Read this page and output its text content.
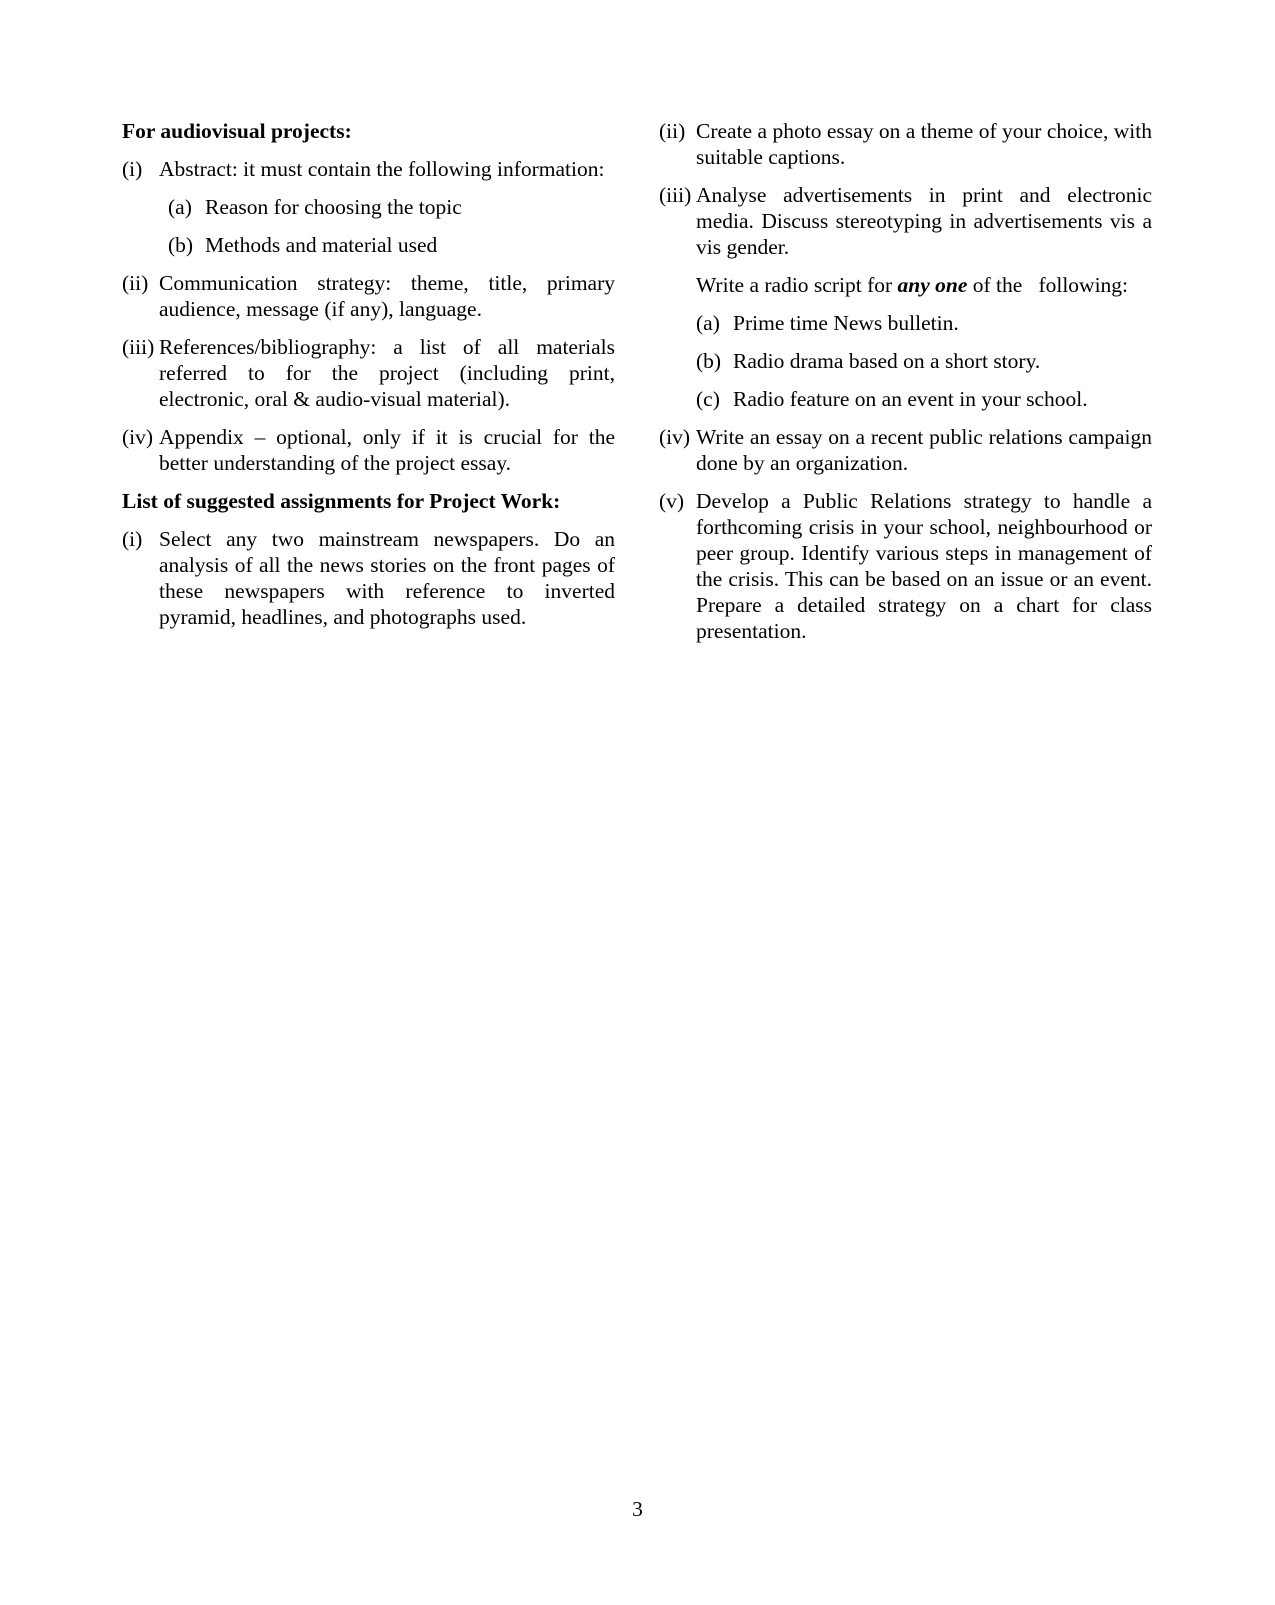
For audiovisual projects:
(i) Abstract: it must contain the following information:
(a) Reason for choosing the topic
(b) Methods and material used
(ii) Communication strategy: theme, title, primary audience, message (if any), language.
(iii) References/bibliography: a list of all materials referred to for the project (including print, electronic, oral & audio-visual material).
(iv) Appendix – optional, only if it is crucial for the better understanding of the project essay.
List of suggested assignments for Project Work:
(i) Select any two mainstream newspapers. Do an analysis of all the news stories on the front pages of these newspapers with reference to inverted pyramid, headlines, and photographs used.
(ii) Create a photo essay on a theme of your choice, with suitable captions.
(iii) Analyse advertisements in print and electronic media. Discuss stereotyping in advertisements vis a vis gender.
Write a radio script for any one of the   following:
(a) Prime time News bulletin.
(b) Radio drama based on a short story.
(c) Radio feature on an event in your school.
(iv) Write an essay on a recent public relations campaign done by an organization.
(v) Develop a Public Relations strategy to handle a forthcoming crisis in your school, neighbourhood or peer group. Identify various steps in management of the crisis. This can be based on an issue or an event. Prepare a detailed strategy on a chart for class presentation.
3
